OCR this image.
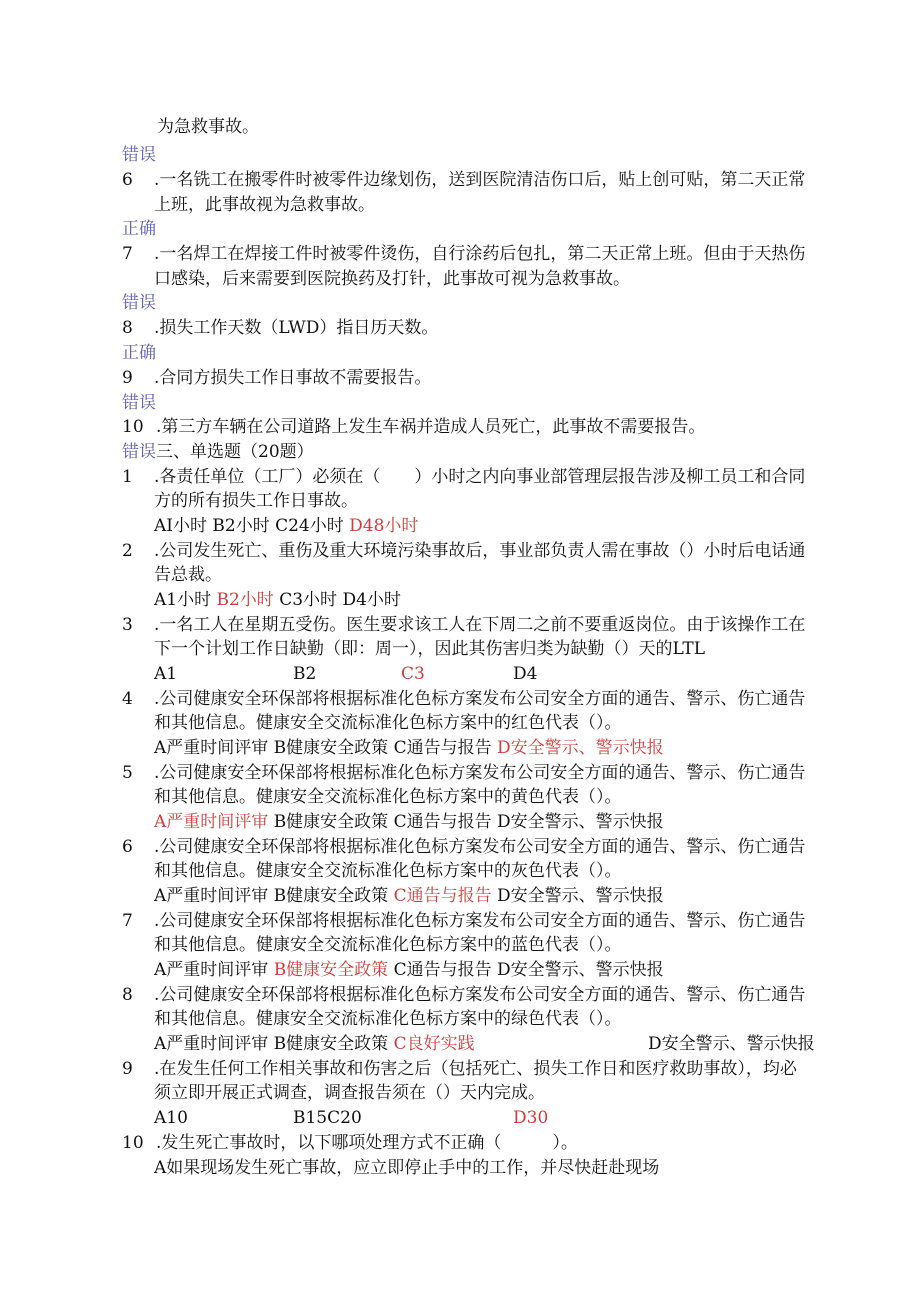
为急救事故。
错误
6 .一名铣工在搬零件时被零件边缘划伤，送到医院清洁伤口后，贴上创可贴，第二天正常
上班，此事故视为急救事故。
正确
7 .一名焊工在焊接工件时被零件烫伤，自行涂药后包扎，第二天正常上班。但由于天热伤
口感染，后来需要到医院换药及打针，此事故可视为急救事故。
错误
8 .损失工作天数（LWD）指日历天数。
正确
9 .合同方损失工作日事故不需要报告。
错误
10 .第三方车辆在公司道路上发生车祸并造成人员死亡，此事故不需要报告。
错误三、单选题（20题）
1 .各责任单位（工厂）必须在（　　）小时之内向事业部管理层报告涉及柳工员工和合同
方的所有损失工作日事故。
AI小时 B2小时 C24小时 D48小时
2 .公司发生死亡、重伤及重大环境污染事故后，事业部负责人需在事故（）小时后电话通
告总裁。
A1小时 B2小时 C3小时 D4小时
3 .一名工人在星期五受伤。医生要求该工人在下周二之前不要重返岗位。由于该操作工在
下一个计划工作日缺勤（即：周一），因此其伤害归类为缺勤（）天的LTL
A1	B2	C3	D4
4 .公司健康安全环保部将根据标准化色标方案发布公司安全方面的通告、警示、伤亡通告
和其他信息。健康安全交流标准化色标方案中的红色代表（）。
A严重时间评审 B健康安全政策 C通告与报告 D安全警示、警示快报
5 .公司健康安全环保部将根据标准化色标方案发布公司安全方面的通告、警示、伤亡通告
和其他信息。健康安全交流标准化色标方案中的黄色代表（）。
A严重时间评审 B健康安全政策 C通告与报告 D安全警示、警示快报
6 .公司健康安全环保部将根据标准化色标方案发布公司安全方面的通告、警示、伤亡通告
和其他信息。健康安全交流标准化色标方案中的灰色代表（）。
A严重时间评审 B健康安全政策 C通告与报告 D安全警示、警示快报
7 .公司健康安全环保部将根据标准化色标方案发布公司安全方面的通告、警示、伤亡通告
和其他信息。健康安全交流标准化色标方案中的蓝色代表（）。
A严重时间评审 B健康安全政策 C通告与报告 D安全警示、警示快报
8 .公司健康安全环保部将根据标准化色标方案发布公司安全方面的通告、警示、伤亡通告
和其他信息。健康安全交流标准化色标方案中的绿色代表（）。
A严重时间评审 B健康安全政策 C良好实践	D安全警示、警示快报
9 .在发生任何工作相关事故和伤害之后（包括死亡、损失工作日和医疗救助事故），均必
须立即开展正式调查，调查报告须在（）天内完成。
A10	B15C20	D30
10 .发生死亡事故时，以下哪项处理方式不正确（　　　）。
A如果现场发生死亡事故，应立即停止手中的工作，并尽快赶赴现场
